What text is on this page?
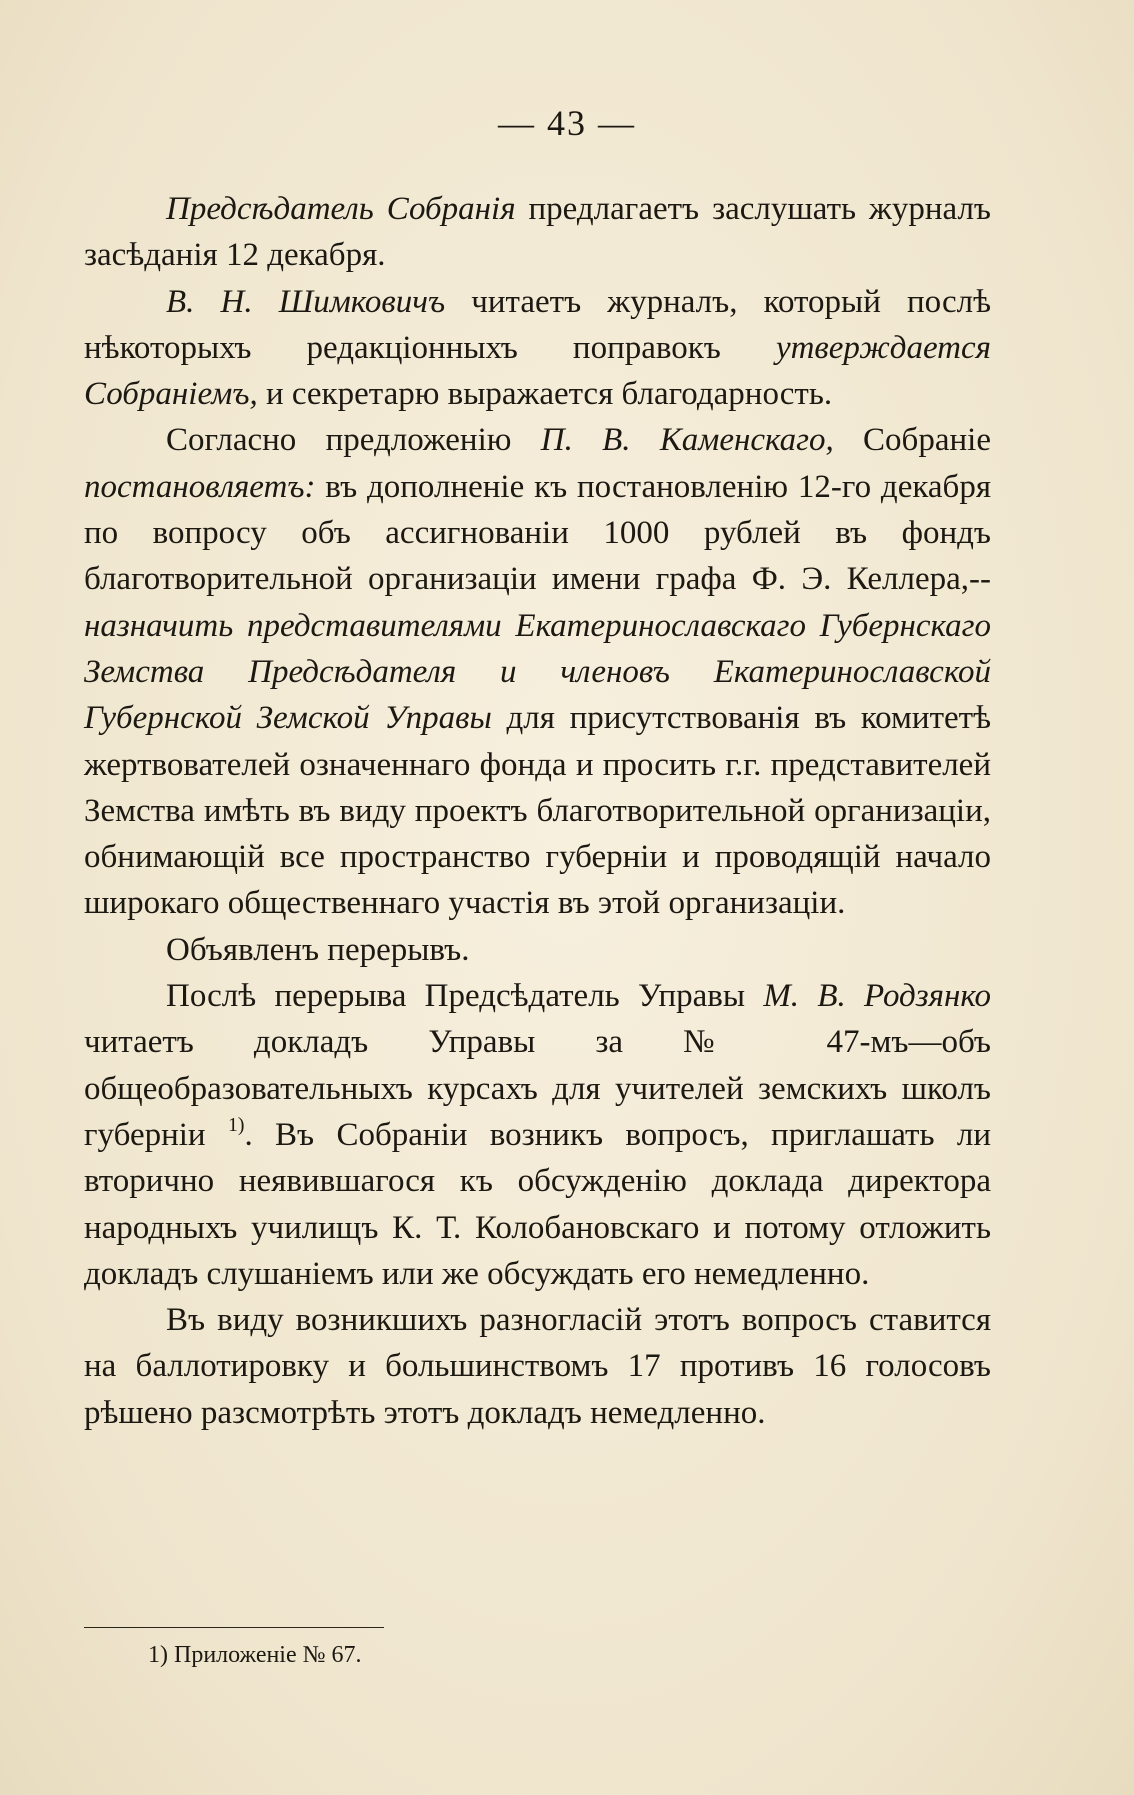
— 43 —

Предсѣдатель Собранія предлагаетъ заслушать журналъ засѣданія 12 декабря.

В. Н. Шимковичъ читаетъ журналъ, который послѣ нѣкоторыхъ редакціонныхъ поправокъ утверждается Собраніемъ, и секретарю выражается благодарность.

Согласно предложенію П. В. Каменскаго, Собраніе постановляетъ: въ дополненіе къ постановленію 12-го декабря по вопросу объ ассигнованіи 1000 рублей въ фондъ благотворительной организаціи имени графа Ф. Э. Келлера,--назначить представителями Екатеринославскаго Губернскаго Земства Предсѣдателя и членовъ Екатеринославской Губернской Земской Управы для присутствованія въ комитетѣ жертвователей означеннаго фонда и просить г.г. представителей Земства имѣть въ виду проектъ благотворительной организаціи, обнимающій все пространство губерніи и проводящій начало широкаго общественнаго участія въ этой организаціи.

Объявленъ перерывъ.

Послѣ перерыва Предсѣдатель Управы М. В. Родзянко читаетъ докладъ Управы за № 47-мъ—объ общеобразовательныхъ курсахъ для учителей земскихъ школъ губерніи $^{1)}$. Въ Собраніи возникъ вопросъ, приглашать ли вторично неявившагося къ обсужденію доклада директора народныхъ училищъ К. Т. Колобановскаго и потому отложить докладъ слушаніемъ или же обсуждать его немедленно.

Въ виду возникшихъ разногласій этотъ вопросъ ставится на баллотировку и большинствомъ 17 противъ 16 голосовъ рѣшено разсмотрѣть этотъ докладъ немедленно.

1) Приложеніе № 67.
